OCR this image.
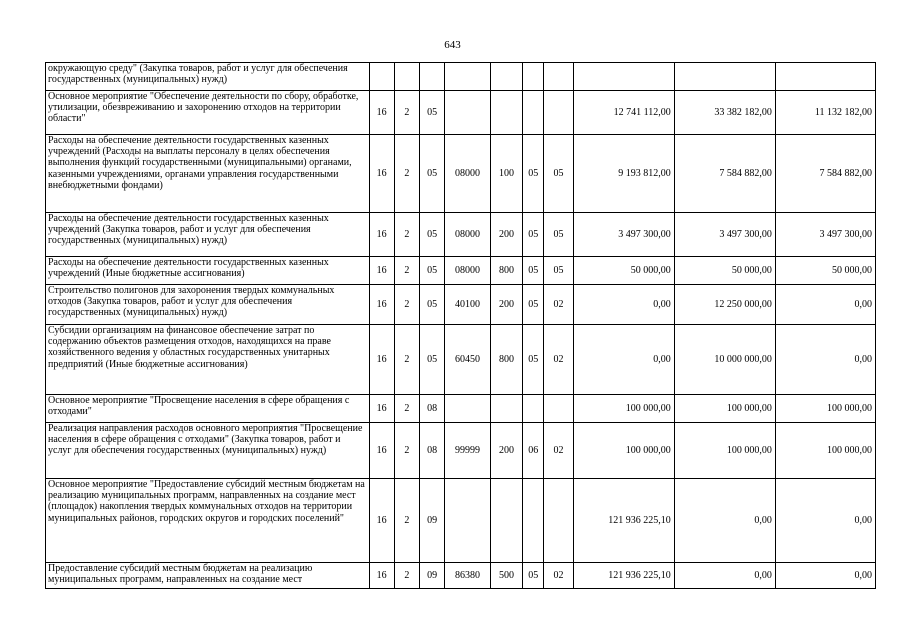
643
окружающую среду" (Закупка товаров, работ и услуг для обеспечения государственных (муниципальных) нужд)										
Основное мероприятие "Обеспечение деятельности по сбору, обработке, утилизации, обезвреживанию и захоронению отходов на территории области"	16	2	05					12 741 112,00	33 382 182,00	11 132 182,00
Расходы на обеспечение деятельности государственных казенных учреждений (Расходы на выплаты персоналу в целях обеспечения выполнения функций государственными (муниципальными) органами, казенными учреждениями, органами управления государственными внебюджетными фондами)	16	2	05	08000	100	05	05	9 193 812,00	7 584 882,00	7 584 882,00
Расходы на обеспечение деятельности государственных казенных учреждений (Закупка товаров, работ и услуг для обеспечения государственных (муниципальных) нужд)	16	2	05	08000	200	05	05	3 497 300,00	3 497 300,00	3 497 300,00
Расходы на обеспечение деятельности государственных казенных учреждений (Иные бюджетные ассигнования)	16	2	05	08000	800	05	05	50 000,00	50 000,00	50 000,00
Строительство полигонов для захоронения твердых коммунальных отходов (Закупка товаров, работ и услуг для обеспечения государственных (муниципальных) нужд)	16	2	05	40100	200	05	02	0,00	12 250 000,00	0,00
Субсидии организациям на финансовое обеспечение затрат по содержанию объектов размещения отходов, находящихся на праве хозяйственного ведения у областных государственных унитарных предприятий (Иные бюджетные ассигнования)	16	2	05	60450	800	05	02	0,00	10 000 000,00	0,00
Основное мероприятие "Просвещение населения в сфере обращения с отходами"	16	2	08					100 000,00	100 000,00	100 000,00
Реализация направления расходов основного мероприятия "Просвещение населения в сфере обращения с отходами" (Закупка товаров, работ и услуг для обеспечения государственных (муниципальных) нужд)	16	2	08	99999	200	06	02	100 000,00	100 000,00	100 000,00
Основное мероприятие "Предоставление субсидий местным бюджетам на реализацию муниципальных программ, направленных на создание мест (площадок) накопления твердых коммунальных отходов на территории муниципальных районов, городских округов и городских поселений"	16	2	09					121 936 225,10	0,00	0,00
Предоставление субсидий местным бюджетам на реализацию муниципальных программ, направленных на создание мест	16	2	09	86380	500	05	02	121 936 225,10	0,00	0,00
